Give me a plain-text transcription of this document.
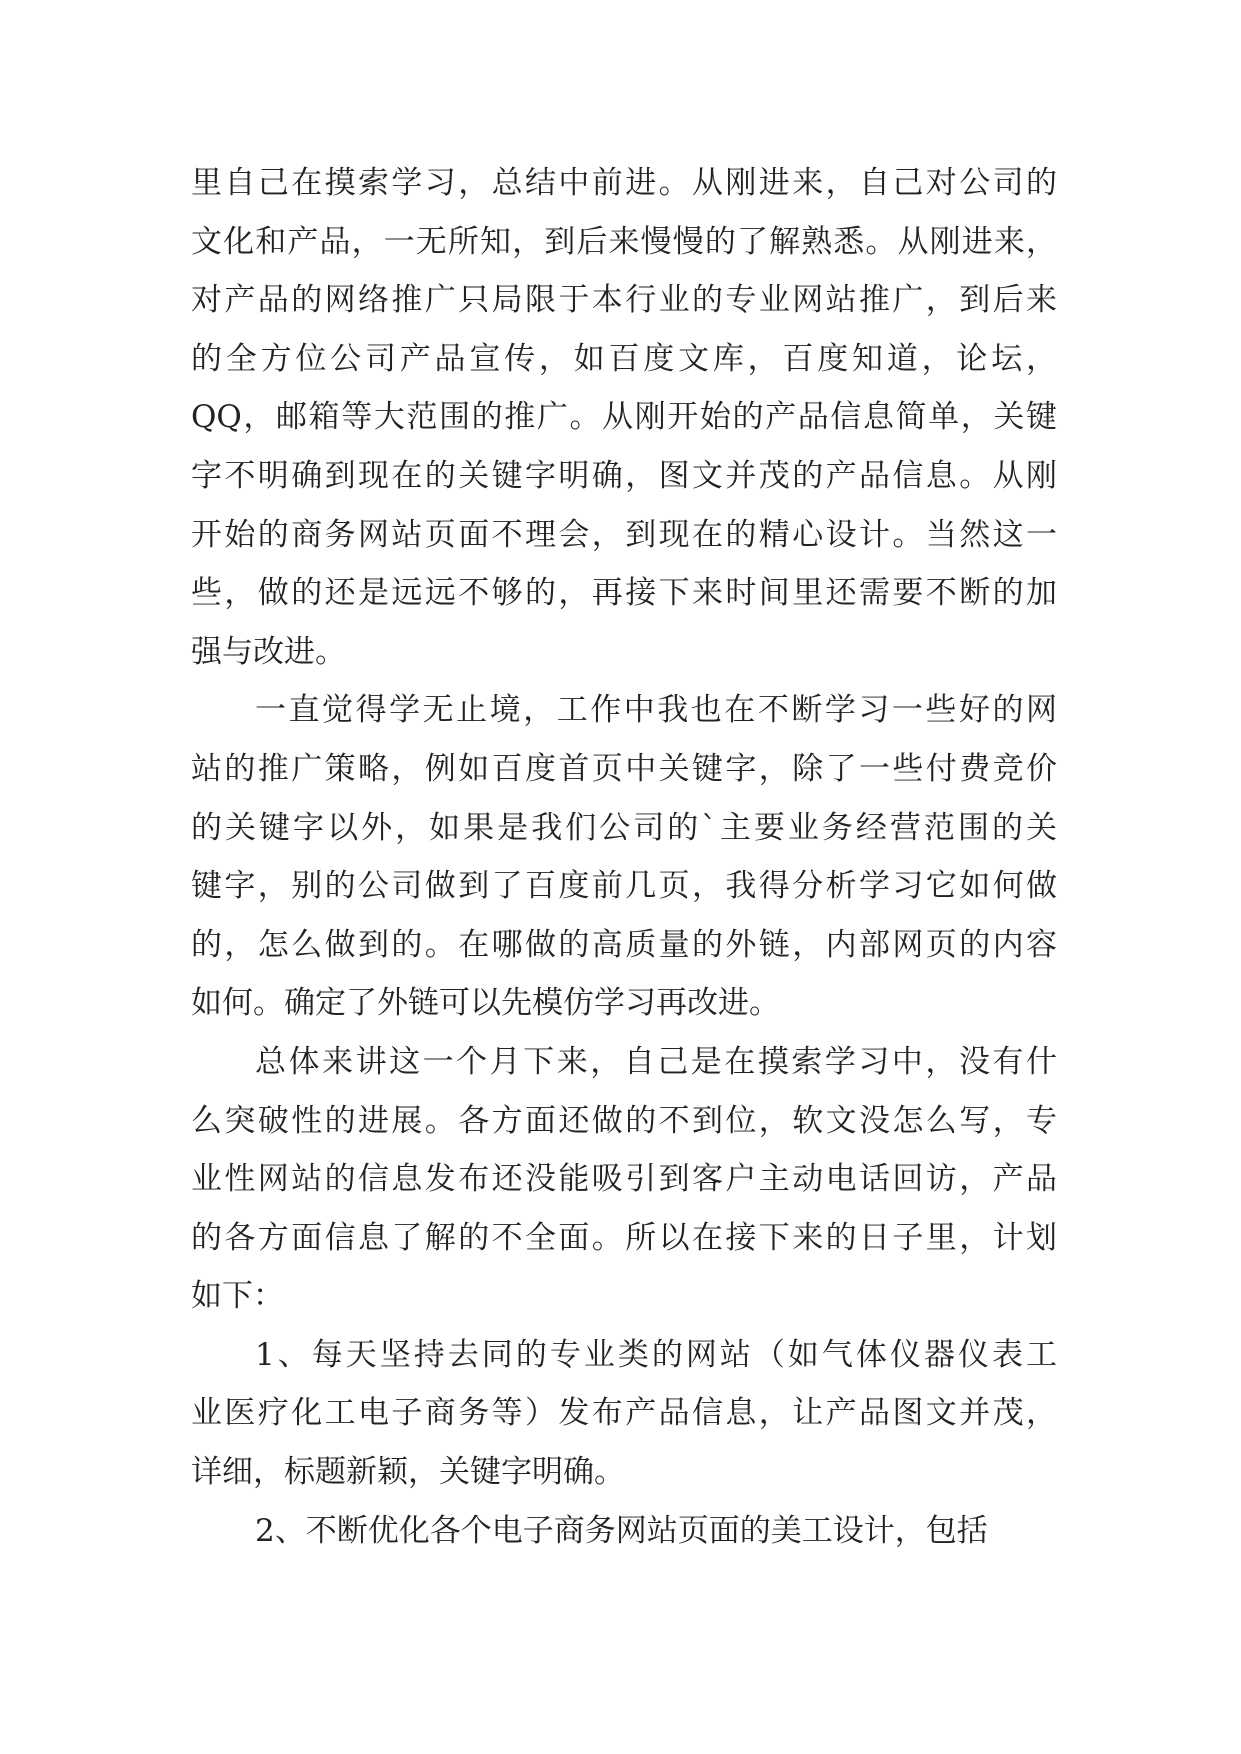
里自己在摸索学习，总结中前进。从刚进来，自己对公司的
文化和产品，一无所知，到后来慢慢的了解熟悉。从刚进来，
对产品的网络推广只局限于本行业的专业网站推广，到后来
的全方位公司产品宣传，如百度文库，百度知道，论坛，
QQ，邮箱等大范围的推广。从刚开始的产品信息简单，关键
字不明确到现在的关键字明确，图文并茂的产品信息。从刚
开始的商务网站页面不理会，到现在的精心设计。当然这一
些，做的还是远远不够的，再接下来时间里还需要不断的加
强与改进。
一直觉得学无止境，工作中我也在不断学习一些好的网
站的推广策略，例如百度首页中关键字，除了一些付费竞价
的关键字以外，如果是我们公司的`主要业务经营范围的关
键字，别的公司做到了百度前几页，我得分析学习它如何做
的，怎么做到的。在哪做的高质量的外链，内部网页的内容
如何。确定了外链可以先模仿学习再改进。
总体来讲这一个月下来，自己是在摸索学习中，没有什
么突破性的进展。各方面还做的不到位，软文没怎么写，专
业性网站的信息发布还没能吸引到客户主动电话回访，产品
的各方面信息了解的不全面。所以在接下来的日子里，计划
如下：
1、每天坚持去同的专业类的网站（如气体仪器仪表工
业医疗化工电子商务等）发布产品信息，让产品图文并茂，
详细，标题新颖，关键字明确。
2、不断优化各个电子商务网站页面的美工设计，包括
